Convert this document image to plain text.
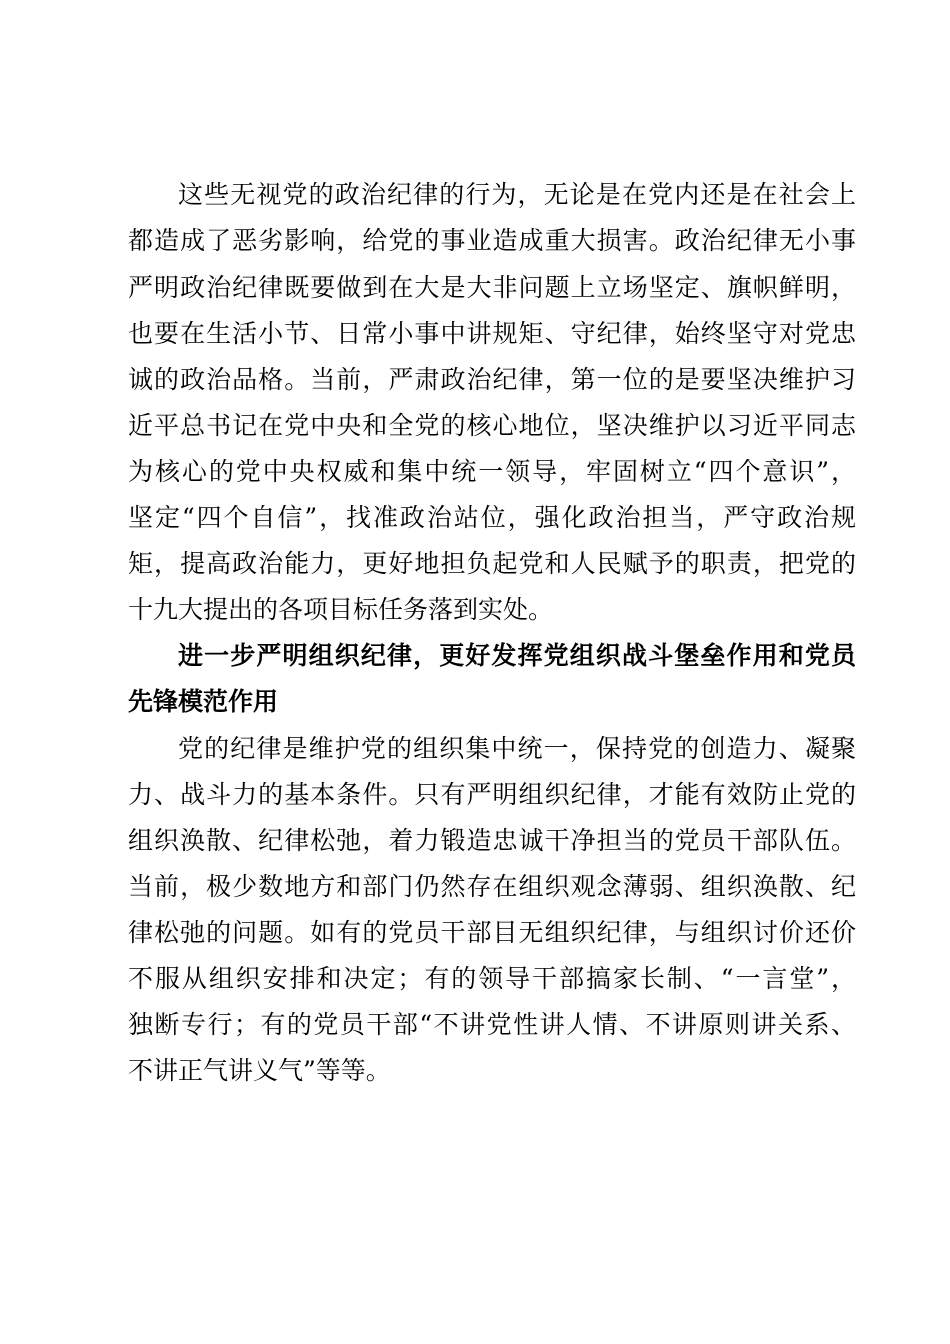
这些无视党的政治纪律的行为，无论是在党内还是在社会上
都造成了恶劣影响，给党的事业造成重大损害。政治纪律无小事
严明政治纪律既要做到在大是大非问题上立场坚定、旗帜鲜明，
也要在生活小节、日常小事中讲规矩、守纪律，始终坚守对党忠
诚的政治品格。当前，严肃政治纪律，第一位的是要坚决维护习
近平总书记在党中央和全党的核心地位，坚决维护以习近平同志
为核心的党中央权威和集中统一领导，牢固树立“四个意识”，
坚定“四个自信”，找准政治站位，强化政治担当，严守政治规
矩，提高政治能力，更好地担负起党和人民赋予的职责，把党的
十九大提出的各项目标任务落到实处。
进一步严明组织纪律，更好发挥党组织战斗堡垒作用和党员
先锋模范作用
党的纪律是维护党的组织集中统一，保持党的创造力、凝聚
力、战斗力的基本条件。只有严明组织纪律，才能有效防止党的
组织涣散、纪律松弛，着力锻造忠诚干净担当的党员干部队伍。
当前，极少数地方和部门仍然存在组织观念薄弱、组织涣散、纪
律松弛的问题。如有的党员干部目无组织纪律，与组织讨价还价
不服从组织安排和决定；有的领导干部搞家长制、“一言堂”，
独断专行；有的党员干部“不讲党性讲人情、不讲原则讲关系、
不讲正气讲义气”等等。
